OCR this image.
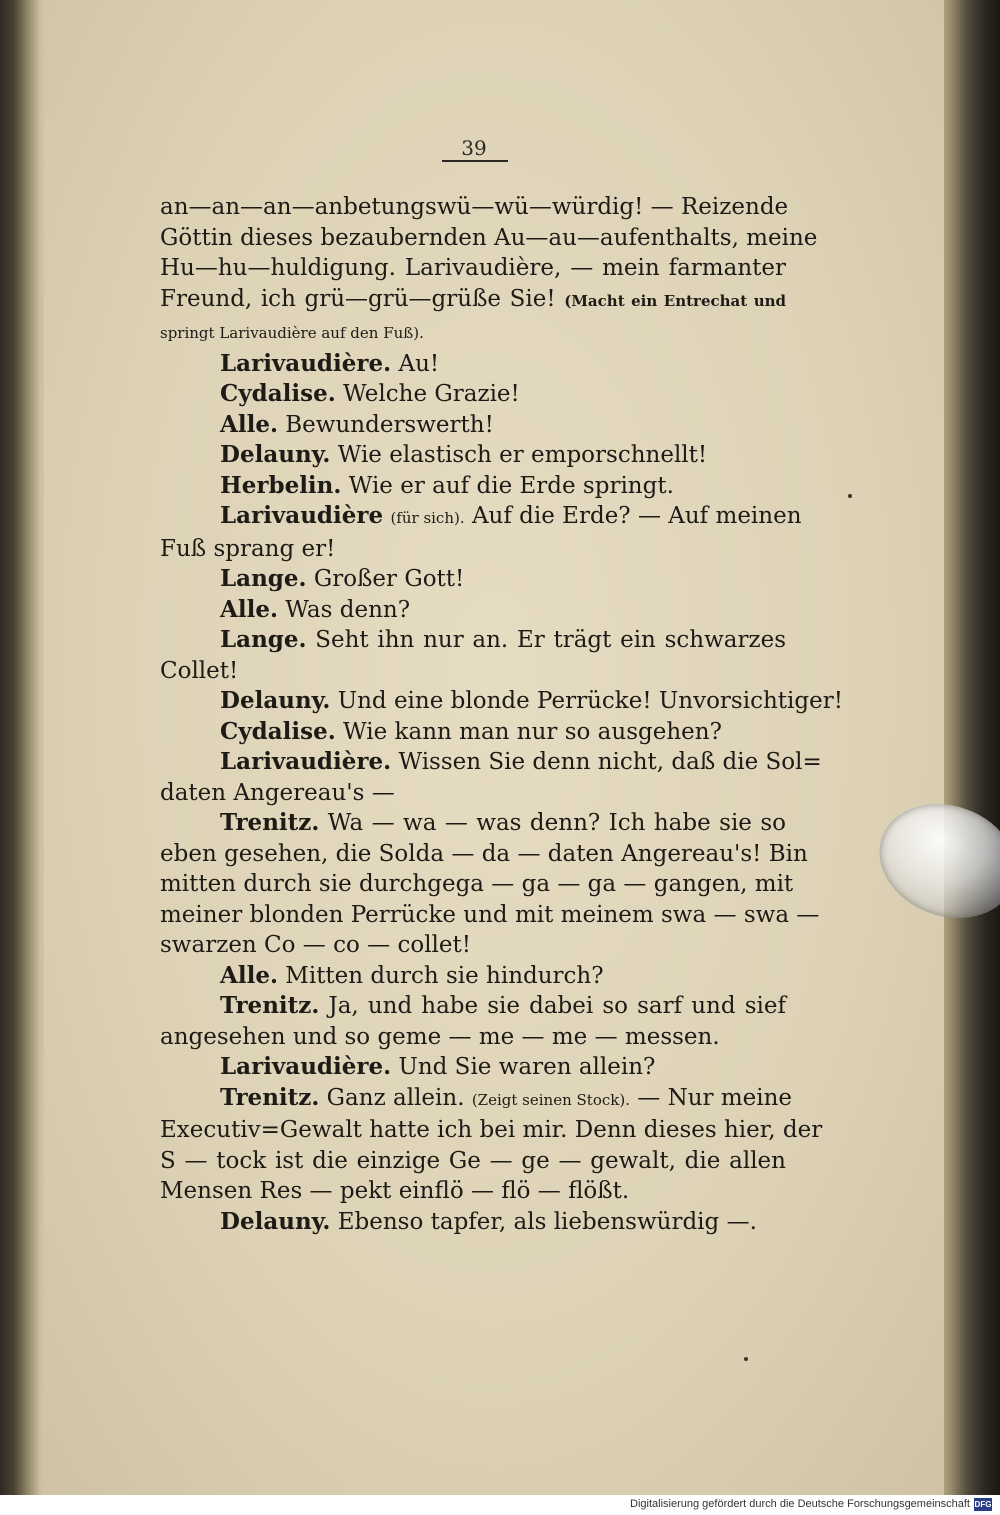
39

an—an—an—anbetungswü—wü—würdig! — Reizende

Göttin dieses bezaubernden Au—au—aufenthalts, meine

Hu—hu—huldigung. Larivaudière, — mein farmanter

Freund, ich grü—grü—grüße Sie! (Macht ein Entrechat und

springt Larivaudière auf den Fuß).

Larivaudière. Au!

Cydalise. Welche Grazie!

Alle. Bewunderswerth!

Delauny. Wie elastisch er emporschnellt!

Herbelin. Wie er auf die Erde springt.

Larivaudière (für sich). Auf die Erde? — Auf meinen

Fuß sprang er!

Lange. Großer Gott!

Alle. Was denn?

Lange. Seht ihn nur an. Er trägt ein schwarzes

Collet!

Delauny. Und eine blonde Perrücke! Unvorsichtiger!

Cydalise. Wie kann man nur so ausgehen?

Larivaudière. Wissen Sie denn nicht, daß die Sol=

daten Angereau's —

Trenitz. Wa — wa — was denn? Ich habe sie so

eben gesehen, die Solda — da — daten Angereau's! Bin

mitten durch sie durchgega — ga — ga — gangen, mit

meiner blonden Perrücke und mit meinem swa — swa —

swarzen Co — co — collet!

Alle. Mitten durch sie hindurch?

Trenitz. Ja, und habe sie dabei so sarf und sief

angesehen und so geme — me — me — messen.

Larivaudière. Und Sie waren allein?

Trenitz. Ganz allein. (Zeigt seinen Stock). — Nur meine

Executiv=Gewalt hatte ich bei mir. Denn dieses hier, der

S — tock ist die einzige Ge — ge — gewalt, die allen

Mensen Res — pekt einflö — flö — flößt.

Delauny. Ebenso tapfer, als liebenswürdig —.

Digitalisierung gefördert durch die Deutsche Forschungsgemeinschaft DFG
